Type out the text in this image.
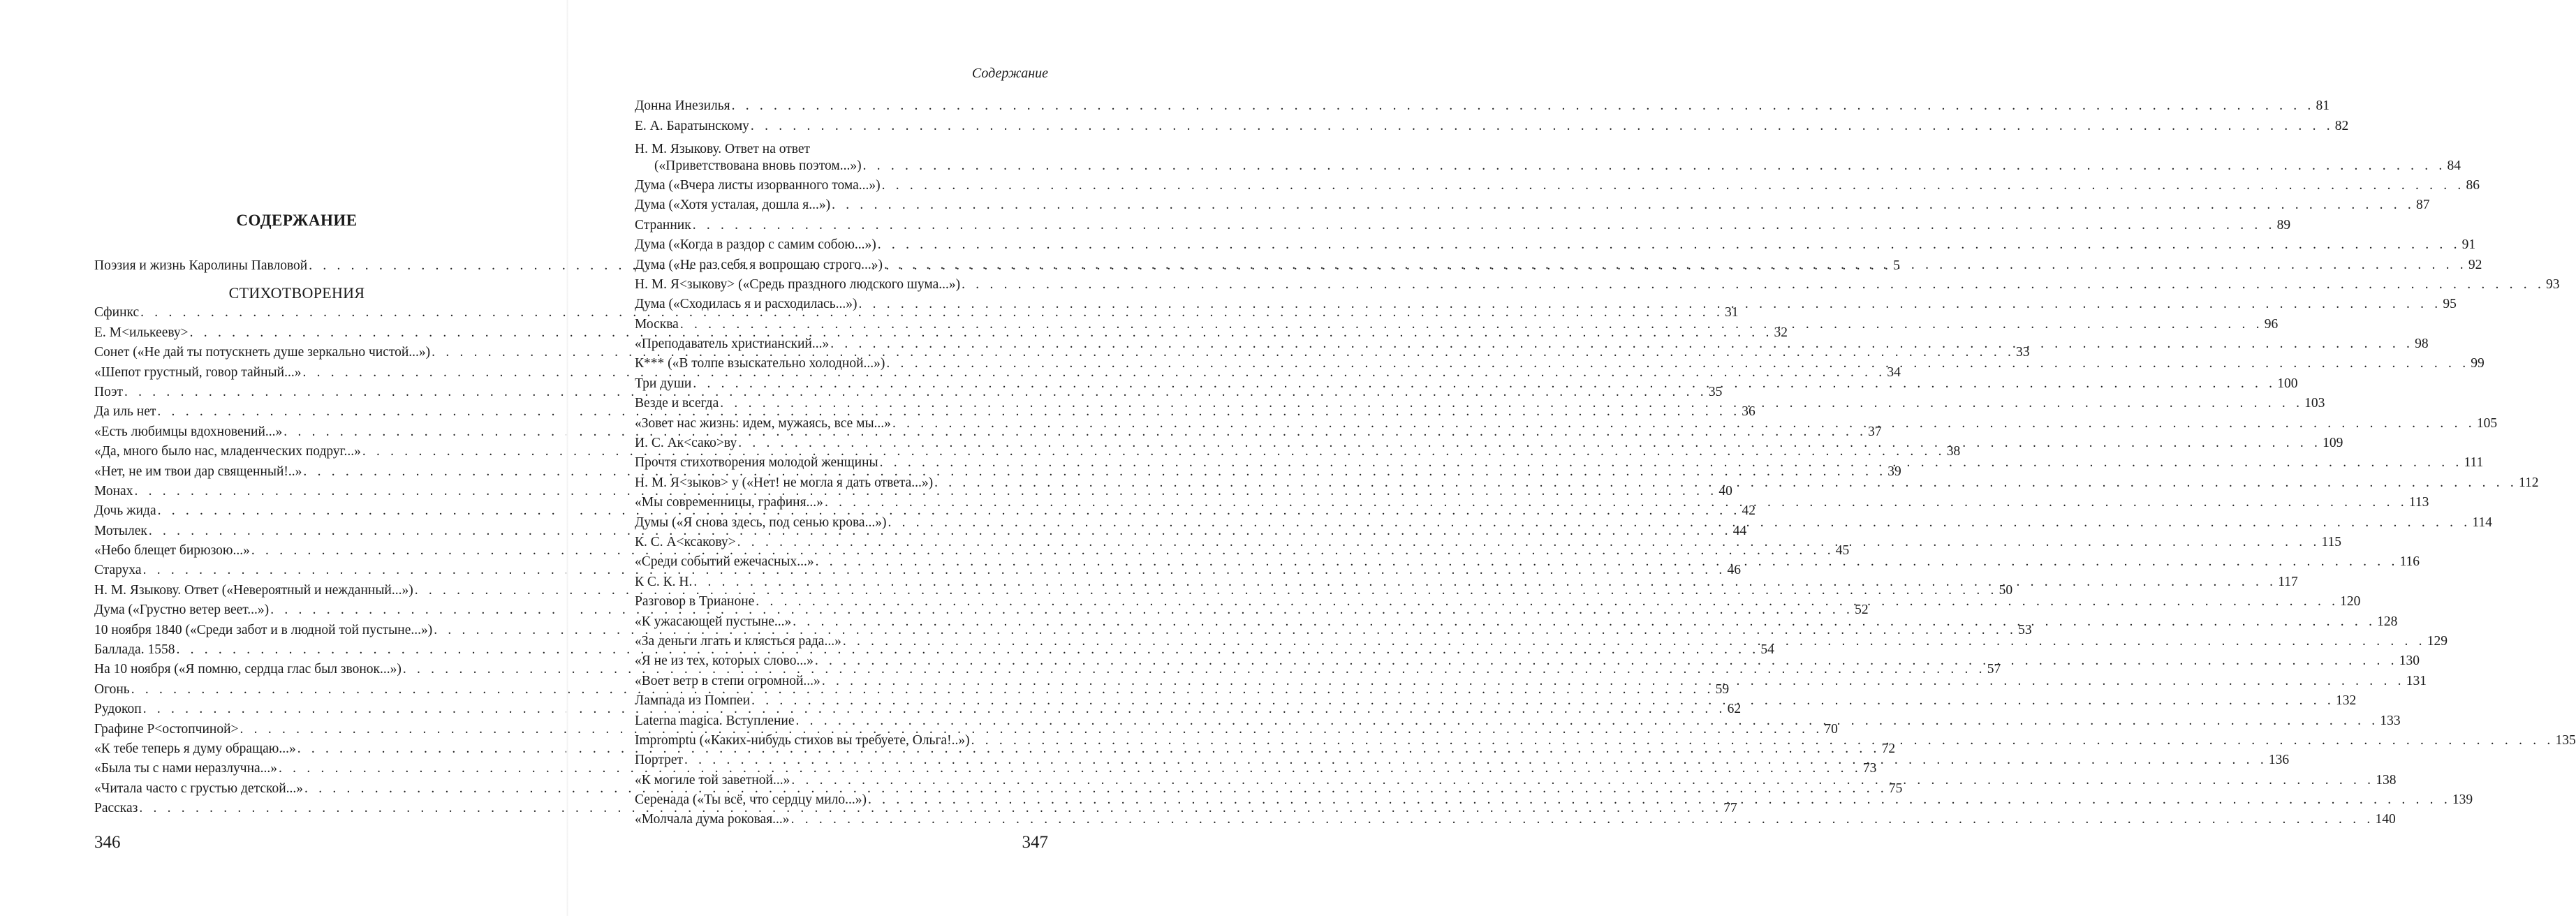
СОДЕРЖАНИЕ
Поэзия и жизнь Каролины Павловой . . .	5
СТИХОТВОРЕНИЯ
Сфинкс . . .	31
Е. М<илькееву> . . .	32
Сонет («Не дай ты потускнеть душе зеркально чистой...») . . .	33
«Шепот грустный, говор тайный...» . . .	34
Поэт . . .	35
Да иль нет . . .	36
«Есть любимцы вдохновений...» . . .	37
«Да, много было нас, младенческих подруг...» . . .	38
«Нет, не им твои дар священный!..» . . .	39
Монах . . .	40
Дочь жида . . .	42
Мотылек . . .	44
«Небо блещет бирюзою...» . . .	45
Старуха . . .	46
Н. М. Языкову. Ответ («Невероятный и нежданный...») . . .	50
Дума («Грустно ветер веет...») . . .	52
10 ноября 1840 («Среди забот и в людной той пустыне...») . . .	53
Баллада. 1558 . . .	54
На 10 ноября («Я помню, сердца глас был звонок...») . . .	57
Огонь . . .	59
Рудокоп . . .	62
Графине Р<остопчиной> . . .	70
«К тебе теперь я думу обращаю...» . . .	72
«Была ты с нами неразлучна...» . . .	73
«Читала часто с грустью детской...» . . .	75
Рассказ . . .	77
346
Содержание
Донна Инезилья . . .	81
Е. А. Баратынскому . . .	82
Н. М. Языкову. Ответ на ответ
(«Приветствована вновь поэтом...») . . .	84
Дума («Вчера листы изорванного тома...») . . .	86
Дума («Хотя усталая, дошла я...») . . .	87
Странник . . .	89
Дума («Когда в раздор с самим собою...») . . .	91
Дума («Не раз себя я вопрошаю строго...») . . .	92
Н. М. Я<зыкову> («Средь праздного людского шума...») . . .	93
Дума («Сходилась я и расходилась...») . . .	95
Москва . . .	96
«Преподаватель христианский...» . . .	98
К*** («В толпе взыскательно холодной...») . . .	99
Три души . . .	100
Везде и всегда . . .	103
«Зовет нас жизнь: идем, мужаясь, все мы...» . . .	105
И. С. Ак<сако>ву . . .	109
Прочтя стихотворения молодой женщины . . .	111
Н. М. Я<зыков> у («Нет! не могла я дать ответа...») . . .	112
«Мы современницы, графиня...» . . .	113
Думы («Я снова здесь, под сенью крова...») . . .	114
К. С. А<ксакову> . . .	115
«Среди событий ежечасных...» . . .	116
К С. К. Н. . . .	117
Разговор в Трианоне . . .	120
«К ужасающей пустыне...» . . .	128
«За деньги лгать и клясться рада...» . . .	129
«Я не из тех, которых слово...» . . .	130
«Воет ветр в степи огромной...» . . .	131
Лампада из Помпеи . . .	132
Laterna magica. Вступление . . .	133
Impromptu («Каких-нибудь стихов вы требуете, Ольга!..») . . .	135
Портрет . . .	136
«К могиле той заветной...» . . .	138
Серенада («Ты всё, что сердцу мило...») . . .	139
«Молчала дума роковая...» . . .	140
347
